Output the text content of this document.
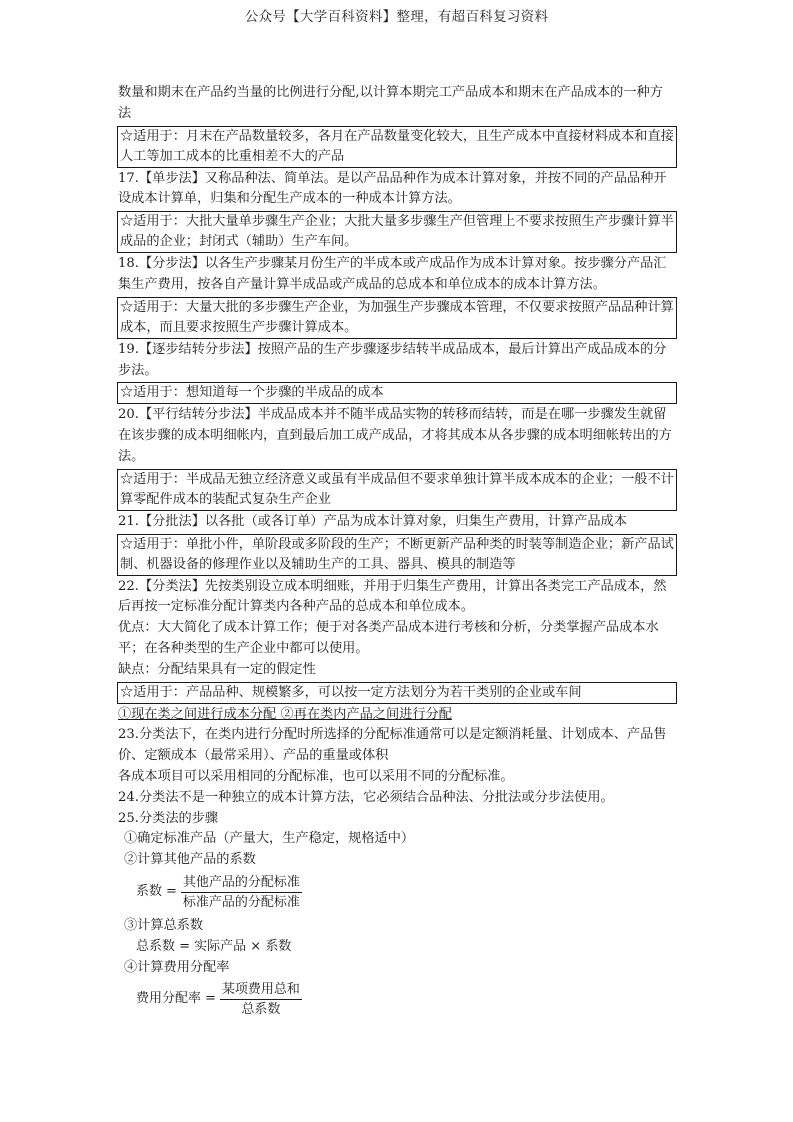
公众号【大学百科资料】整理，有超百科复习资料

数量和期末在产品约当量的比例进行分配,以计算本期完工产品成本和期末在产品成本的一种方法

☆适用于：月末在产品数量较多，各月在产品数量变化较大，且生产成本中直接材料成本和直接人工等加工成本的比重相差不大的产品

17.【单步法】又称品种法、简单法。是以产品品种作为成本计算对象，并按不同的产品品种开设成本计算单，归集和分配生产成本的一种成本计算方法。

☆适用于：大批大量单步骤生产企业；大批大量多步骤生产但管理上不要求按照生产步骤计算半成品的企业；封闭式（辅助）生产车间。

18.【分步法】以各生产步骤某月份生产的半成本或产成品作为成本计算对象。按步骤分产品汇集生产费用，按各自产量计算半成品或产成品的总成本和单位成本的成本计算方法。

☆适用于：大量大批的多步骤生产企业，为加强生产步骤成本管理，不仅要求按照产品品种计算成本，而且要求按照生产步骤计算成本。

19.【逐步结转分步法】按照产品的生产步骤逐步结转半成品成本，最后计算出产成品成本的分步法。

☆适用于：想知道每一个步骤的半成品的成本

20.【平行结转分步法】半成品成本并不随半成品实物的转移而结转，而是在哪一步骤发生就留在该步骤的成本明细帐内，直到最后加工成产成品，才将其成本从各步骤的成本明细帐转出的方法。

☆适用于：半成品无独立经济意义或虽有半成品但不要求单独计算半成本成本的企业；一般不计算零配件成本的装配式复杂生产企业

21.【分批法】以各批（或各订单）产品为成本计算对象，归集生产费用，计算产品成本

☆适用于：单批小件，单阶段或多阶段的生产；不断更新产品种类的时装等制造企业；新产品试制、机器设备的修理作业以及辅助生产的工具、器具、模具的制造等

22.【分类法】先按类别设立成本明细账，并用于归集生产费用，计算出各类完工产品成本，然后再按一定标准分配计算类内各种产品的总成本和单位成本。

优点：大大简化了成本计算工作；便于对各类产品成本进行考核和分析，分类掌握产品成本水平；在各种类型的生产企业中都可以使用。

缺点：分配结果具有一定的假定性

☆适用于：产品品种、规模繁多，可以按一定方法划分为若干类别的企业或车间

①现在类之间进行成本分配 ②再在类内产品之间进行分配

23.分类法下，在类内进行分配时所选择的分配标准通常可以是定额消耗量、计划成本、产品售价、定额成本（最常采用）、产品的重量或体积

各成本项目可以采用相同的分配标准，也可以采用不同的分配标准。

24.分类法不是一种独立的成本计算方法，它必须结合品种法、分批法或分步法使用。

25.分类法的步骤

①确定标准产品（产量大，生产稳定，规格适中）

②计算其他产品的系数

系数 = $\frac{\text{其他产品的分配标准}}{\text{标准产品的分配标准}}$

③计算总系数

总系数 = 实际产品 × 系数

④计算费用分配率

费用分配率 = $\frac{\text{某项费用总和}}{\text{总系数}}$
